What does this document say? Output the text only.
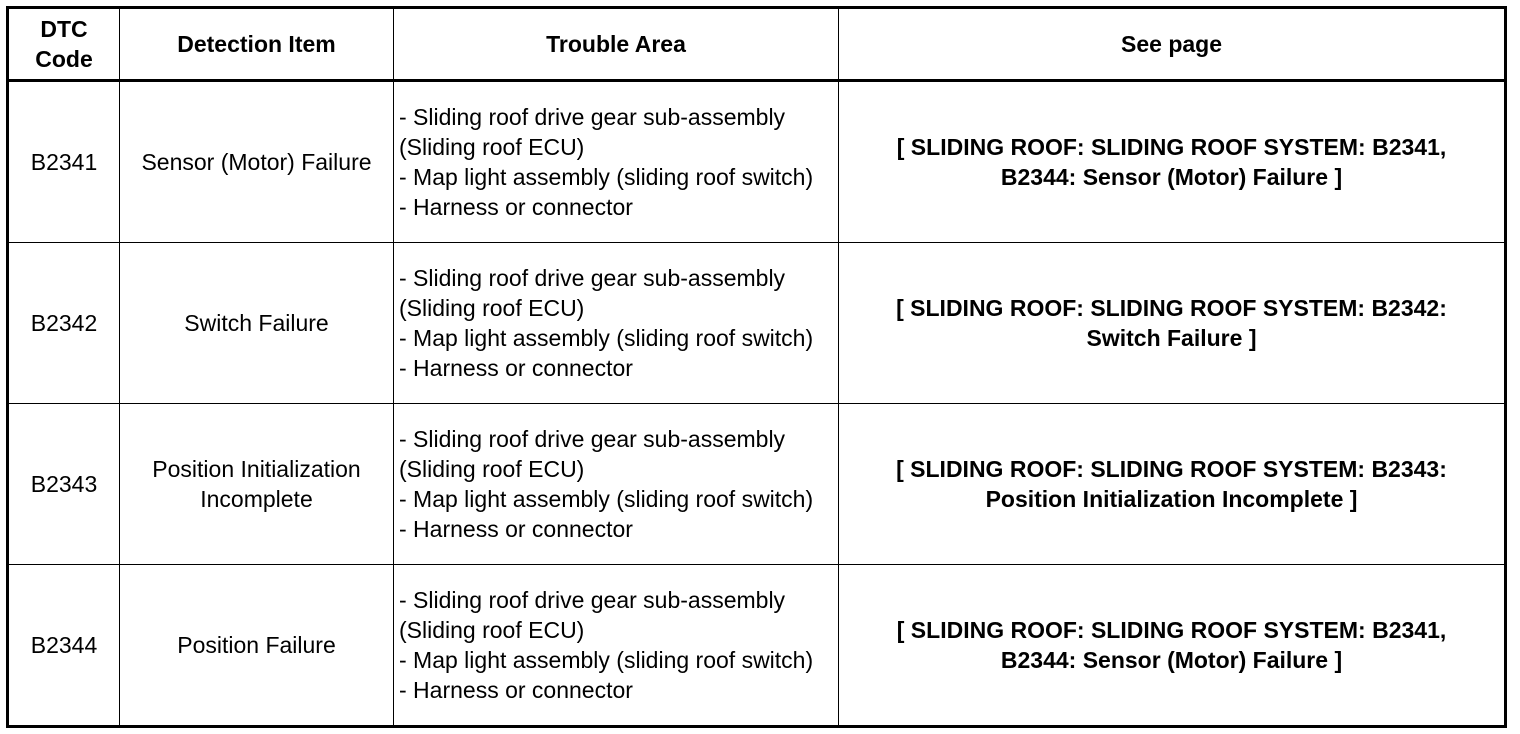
DTC Code	Detection Item	Trouble Area	See page
B2341	Sensor (Motor) Failure	- Sliding roof drive gear sub-assembly (Sliding roof ECU)
- Map light assembly (sliding roof switch)
- Harness or connector	[ SLIDING ROOF: SLIDING ROOF SYSTEM: B2341, B2344: Sensor (Motor) Failure ]
B2342	Switch Failure	- Sliding roof drive gear sub-assembly (Sliding roof ECU)
- Map light assembly (sliding roof switch)
- Harness or connector	[ SLIDING ROOF: SLIDING ROOF SYSTEM: B2342: Switch Failure ]
B2343	Position Initialization Incomplete	- Sliding roof drive gear sub-assembly (Sliding roof ECU)
- Map light assembly (sliding roof switch)
- Harness or connector	[ SLIDING ROOF: SLIDING ROOF SYSTEM: B2343: Position Initialization Incomplete ]
B2344	Position Failure	- Sliding roof drive gear sub-assembly (Sliding roof ECU)
- Map light assembly (sliding roof switch)
- Harness or connector	[ SLIDING ROOF: SLIDING ROOF SYSTEM: B2341, B2344: Sensor (Motor) Failure ]
